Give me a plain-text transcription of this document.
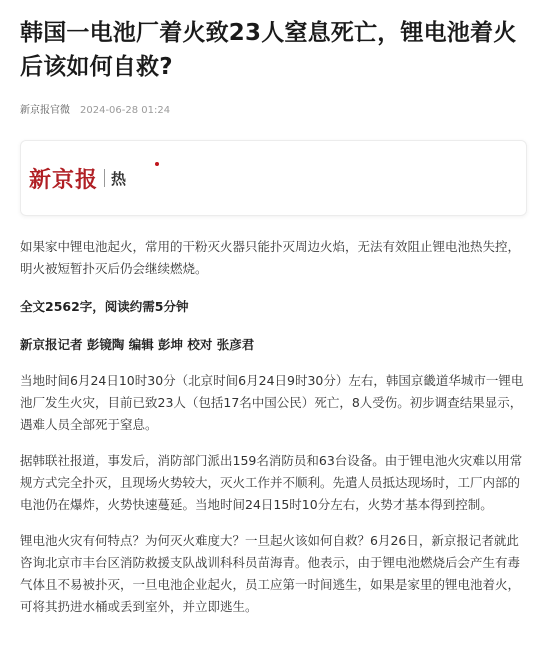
韩国一电池厂着火致23人窒息死亡，锂电池着火后该如何自救?
新京报官微 2024-06-28 01:24
新京报 热

如果家中锂电池起火，常用的干粉灭火器只能扑灭周边火焰，无法有效阻止锂电池热失控，明火被短暂扑灭后仍会继续燃烧。

全文2562字，阅读约需5分钟

新京报记者 彭镜陶 编辑 彭坤 校对 张彦君

当地时间6月24日10时30分（北京时间6月24日9时30分）左右，韩国京畿道华城市一锂电池厂发生火灾，目前已致23人（包括17名中国公民）死亡，8人受伤。初步调查结果显示，遇难人员全部死于窒息。

据韩联社报道，事发后，消防部门派出159名消防员和63台设备。由于锂电池火灾难以用常规方式完全扑灭，且现场火势较大，灭火工作并不顺利。先遣人员抵达现场时，工厂内部的电池仍在爆炸，火势快速蔓延。当地时间24日15时10分左右，火势才基本得到控制。

锂电池火灾有何特点？为何灭火难度大？一旦起火该如何自救？6月26日，新京报记者就此咨询北京市丰台区消防救援支队战训科科员苗海青。他表示，由于锂电池燃烧后会产生有毒气体且不易被扑灭，一旦电池企业起火，员工应第一时间逃生，如果是家里的锂电池着火，可将其扔进水桶或丢到室外，并立即逃生。
